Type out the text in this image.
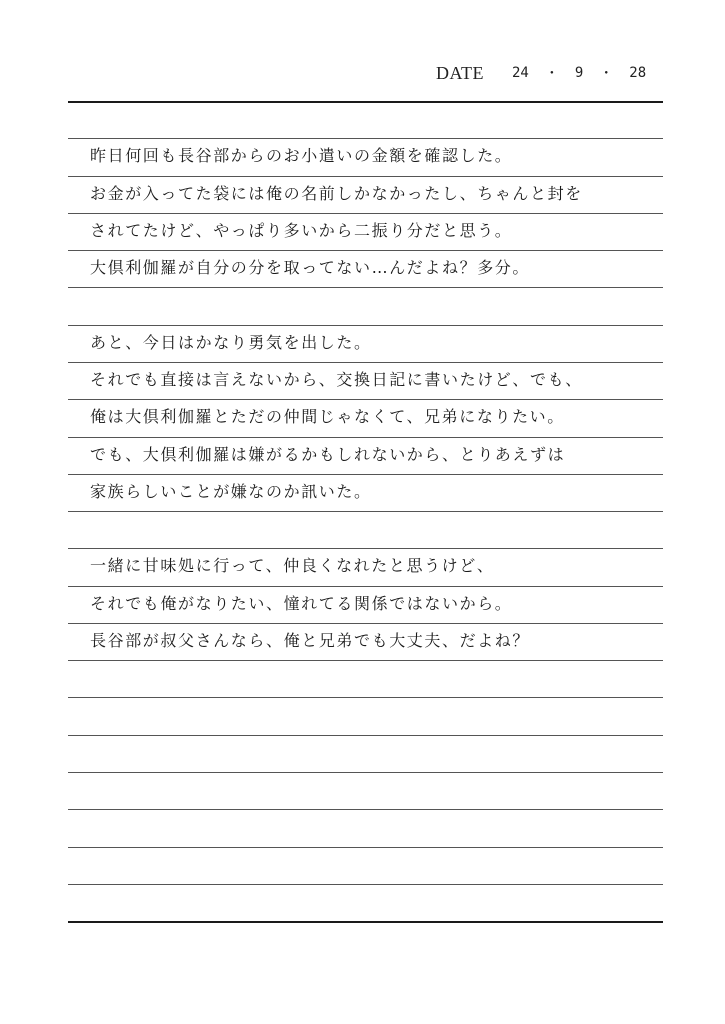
DATE 24 ・ 9 ・ 28
昨日何回も長谷部からのお小遣いの金額を確認した。
お金が入ってた袋には俺の名前しかなかったし、ちゃんと封を
されてたけど、やっぱり多いから二振り分だと思う。
大倶利伽羅が自分の分を取ってない…んだよね？多分。
あと、今日はかなり勇気を出した。
それでも直接は言えないから、交換日記に書いたけど、でも、
俺は大倶利伽羅とただの仲間じゃなくて、兄弟になりたい。
でも、大倶利伽羅は嫌がるかもしれないから、とりあえずは
家族らしいことが嫌なのか訊いた。
一緒に甘味処に行って、仲良くなれたと思うけど、
それでも俺がなりたい、憧れてる関係ではないから。
長谷部が叔父さんなら、俺と兄弟でも大丈夫、だよね？
